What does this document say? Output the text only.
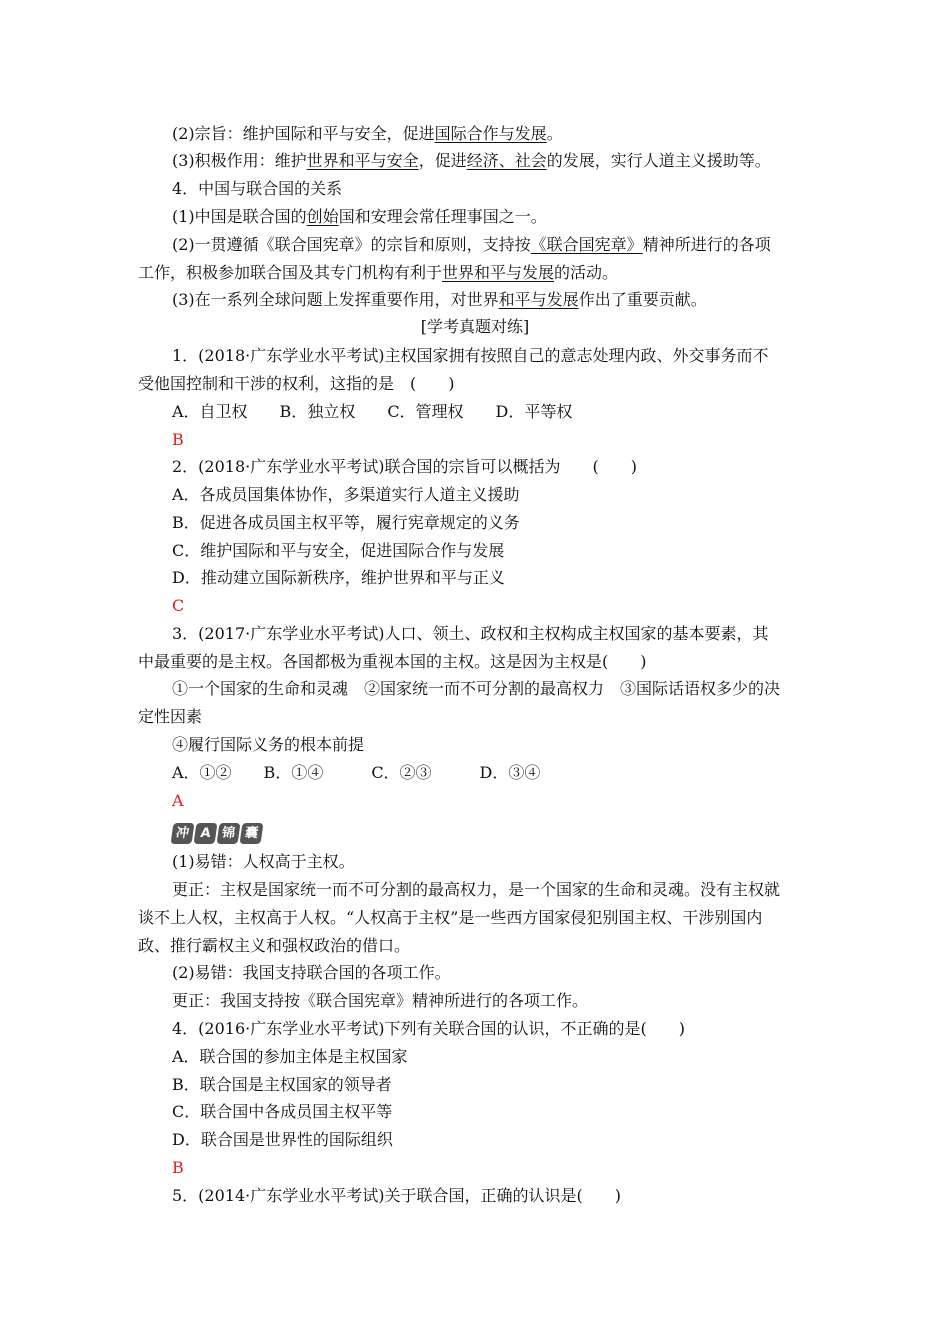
(2)宗旨：维护国际和平与安全，促进国际合作与发展。
(3)积极作用：维护世界和平与安全，促进经济、社会的发展，实行人道主义援助等。
4．中国与联合国的关系
(1)中国是联合国的创始国和安理会常任理事国之一。
(2)一贯遵循《联合国宪章》的宗旨和原则，支持按《联合国宪章》精神所进行的各项
工作，积极参加联合国及其专门机构有利于世界和平与发展的活动。
(3)在一系列全球问题上发挥重要作用，对世界和平与发展作出了重要贡献。
[学考真题对练]
1．(2018·广东学业水平考试)主权国家拥有按照自己的意志处理内政、外交事务而不
受他国控制和干涉的权利，这指的是　(　　)
A．自卫权　　B．独立权　　C．管理权　　D．平等权
B
2．(2018·广东学业水平考试)联合国的宗旨可以概括为　　(　　)
A．各成员国集体协作，多渠道实行人道主义援助
B．促进各成员国主权平等，履行宪章规定的义务
C．维护国际和平与安全，促进国际合作与发展
D．推动建立国际新秩序，维护世界和平与正义
C
3．(2017·广东学业水平考试)人口、领土、政权和主权构成主权国家的基本要素，其
中最重要的是主权。各国都极为重视本国的主权。这是因为主权是(　　)
①一个国家的生命和灵魂　②国家统一而不可分割的最高权力　③国际话语权多少的决
定性因素
④履行国际义务的根本前提
A．①②　　B．①④　　　C．②③　　　D．③④
A
冲 A 锦 囊
(1)易错：人权高于主权。
更正：主权是国家统一而不可分割的最高权力，是一个国家的生命和灵魂。没有主权就
谈不上人权，主权高于人权。“人权高于主权”是一些西方国家侵犯别国主权、干涉别国内
政、推行霸权主义和强权政治的借口。
(2)易错：我国支持联合国的各项工作。
更正：我国支持按《联合国宪章》精神所进行的各项工作。
4．(2016·广东学业水平考试)下列有关联合国的认识，不正确的是(　　)
A．联合国的参加主体是主权国家
B．联合国是主权国家的领导者
C．联合国中各成员国主权平等
D．联合国是世界性的国际组织
B
5．(2014·广东学业水平考试)关于联合国，正确的认识是(　　)
